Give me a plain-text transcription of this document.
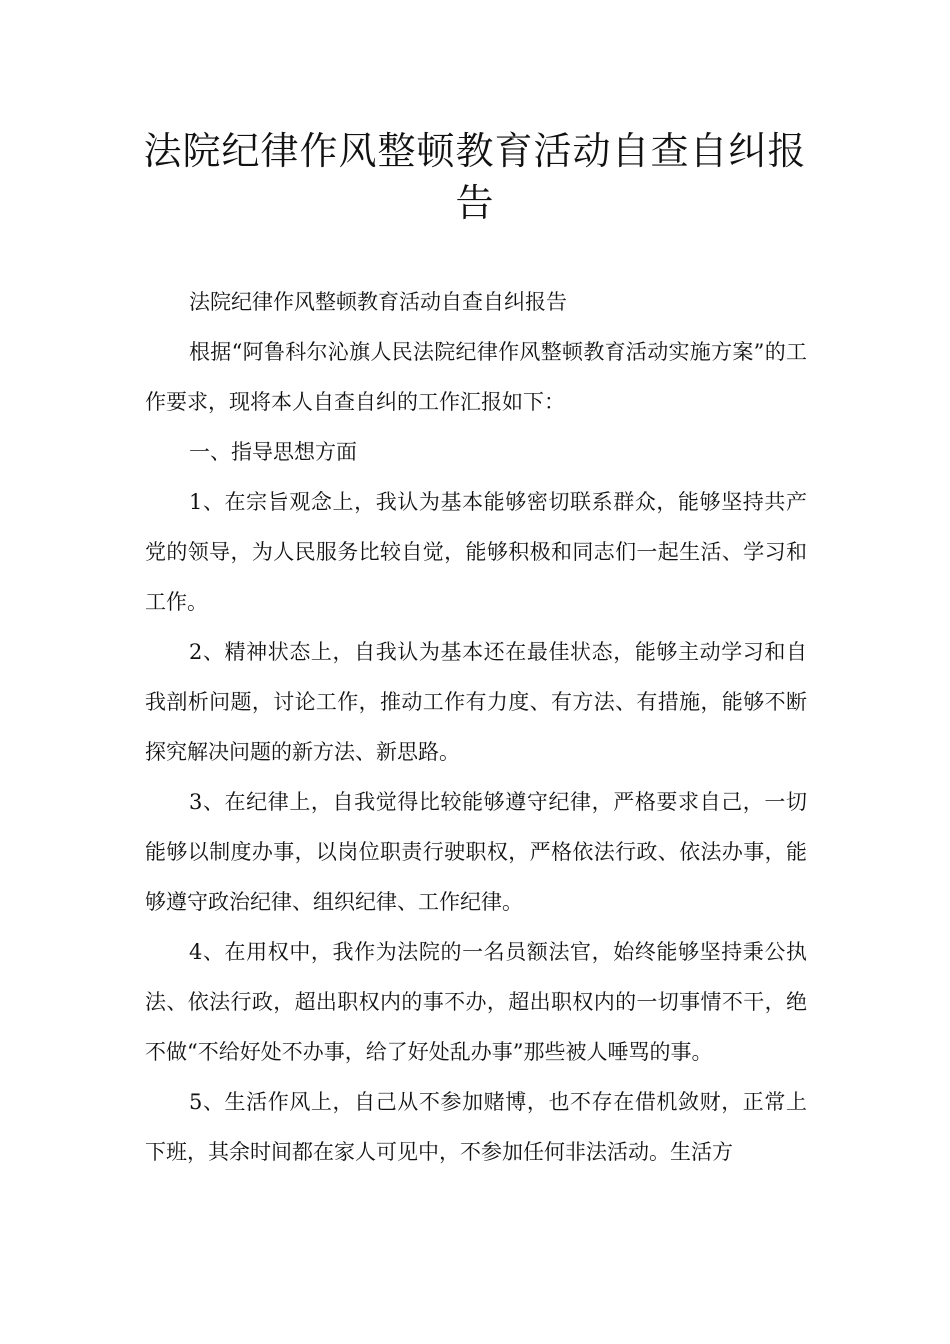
法院纪律作风整顿教育活动自查自纠报告

法院纪律作风整顿教育活动自查自纠报告

根据“阿鲁科尔沁旗人民法院纪律作风整顿教育活动实施方案”的工作要求，现将本人自查自纠的工作汇报如下：

一、指导思想方面

1、在宗旨观念上，我认为基本能够密切联系群众，能够坚持共产党的领导，为人民服务比较自觉，能够积极和同志们一起生活、学习和工作。

2、精神状态上，自我认为基本还在最佳状态，能够主动学习和自我剖析问题，讨论工作，推动工作有力度、有方法、有措施，能够不断探究解决问题的新方法、新思路。

3、在纪律上，自我觉得比较能够遵守纪律，严格要求自己，一切能够以制度办事，以岗位职责行驶职权，严格依法行政、依法办事，能够遵守政治纪律、组织纪律、工作纪律。

4、在用权中，我作为法院的一名员额法官，始终能够坚持秉公执法、依法行政，超出职权内的事不办，超出职权内的一切事情不干，绝不做“不给好处不办事，给了好处乱办事”那些被人唾骂的事。

5、生活作风上，自己从不参加赌博，也不存在借机敛财，正常上下班，其余时间都在家人可见中，不参加任何非法活动。生活方
